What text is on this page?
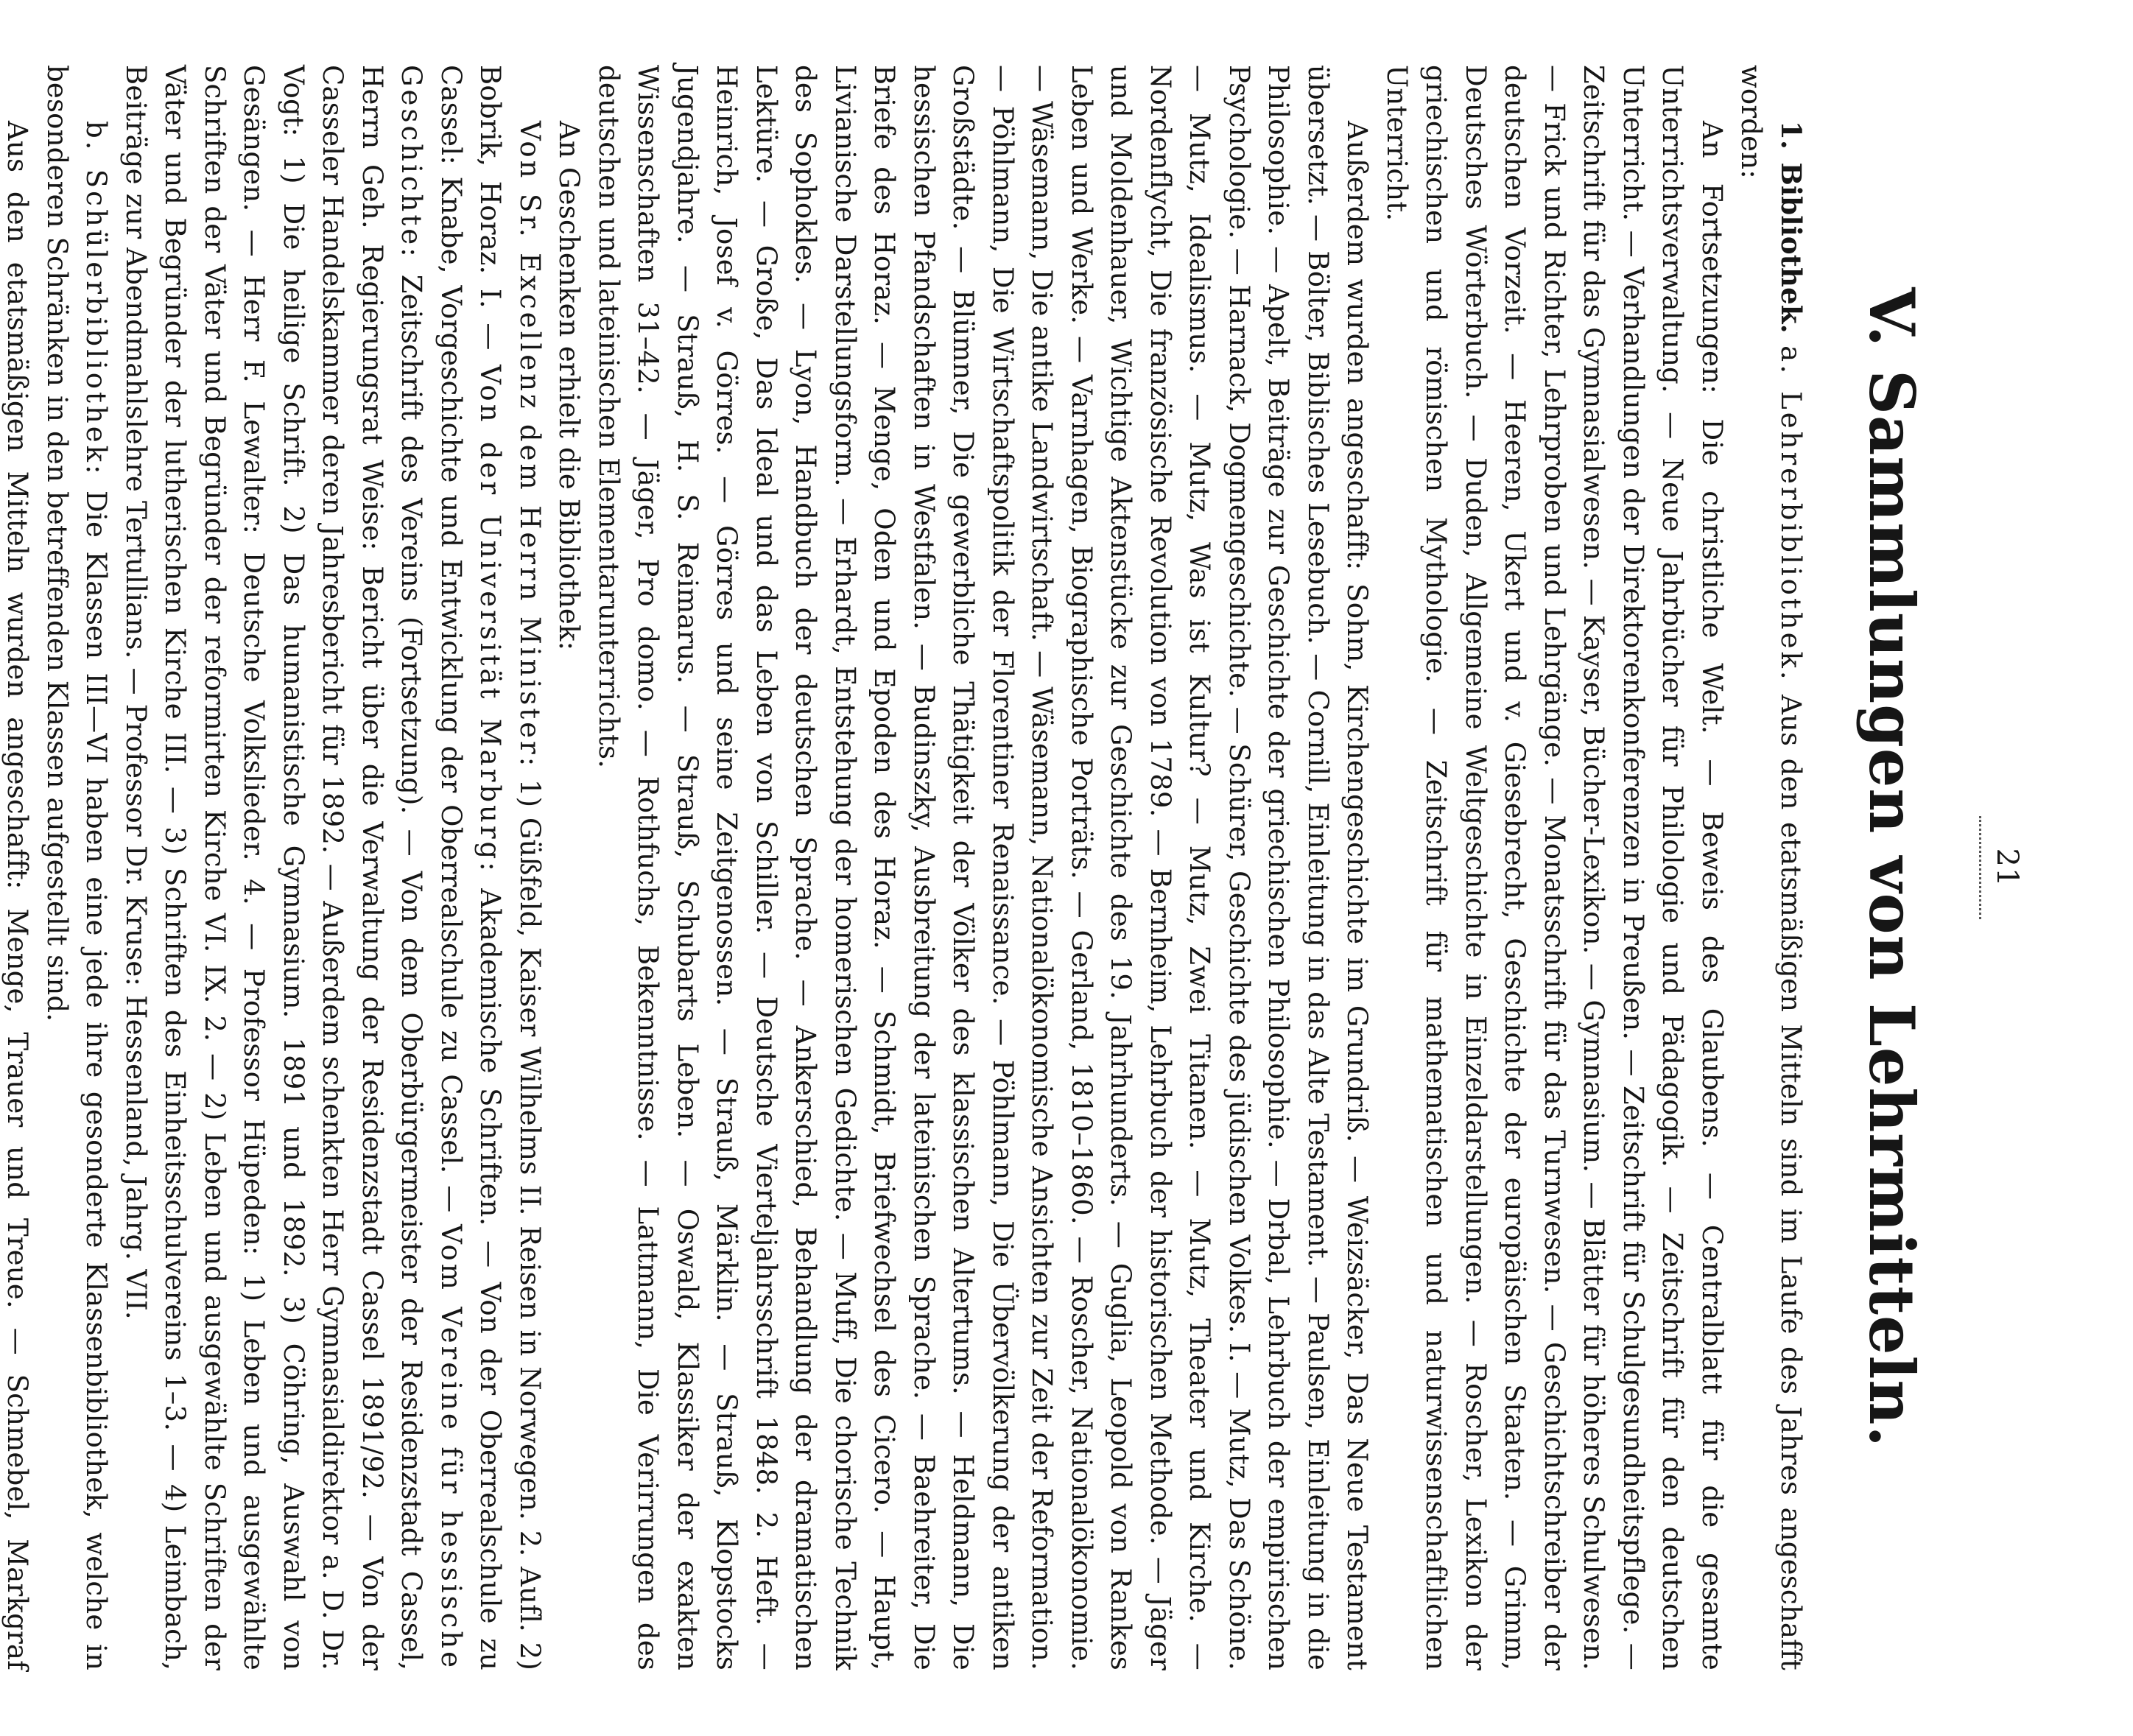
21
V. Sammlungen von Lehrmitteln.

1. Bibliothek. a. Lehrerbibliothek. Aus den etatsmäßigen Mitteln sind im Laufe des Jahres angeschafft worden:

An Fortsetzungen: Die christliche Welt. — Beweis des Glaubens. — Centralblatt für die gesamte Unterrichtsverwaltung. — Neue Jahrbücher für Philologie und Pädagogik. — Zeitschrift für den deutschen Unterricht. — Verhandlungen der Direktorenkonferenzen in Preußen. — Zeitschrift für Schulgesundheitspflege. — Zeitschrift für das Gymnasialwesen. — Kayser, Bücher-Lexikon. — Gymnasium. — Blätter für höheres Schulwesen. — Frick und Richter, Lehrproben und Lehrgänge. — Monatsschrift für das Turnwesen. — Geschichtschreiber der deutschen Vorzeit. — Heeren, Ukert und v. Giesebrecht, Geschichte der europäischen Staaten. — Grimm, Deutsches Wörterbuch. — Duden, Allgemeine Weltgeschichte in Einzeldarstellungen. — Roscher, Lexikon der griechischen und römischen Mythologie. — Zeitschrift für mathematischen und naturwissenschaftlichen Unterricht.

Außerdem wurden angeschafft: Sohm, Kirchengeschichte im Grundriß. — Weizsäcker, Das Neue Testament übersetzt. — Bölter, Biblisches Lesebuch. — Cornill, Einleitung in das Alte Testament. — Paulsen, Einleitung in die Philosophie. — Apelt, Beiträge zur Geschichte der griechischen Philosophie. — Drbal, Lehrbuch der empirischen Psychologie. — Harnack, Dogmengeschichte. — Schürer, Geschichte des jüdischen Volkes. I. — Mutz, Das Schöne. — Mutz, Idealismus. — Mutz, Was ist Kultur? — Mutz, Zwei Titanen. — Mutz, Theater und Kirche. — Nordenflycht, Die französische Revolution von 1789. — Bernheim, Lehrbuch der historischen Methode. — Jäger und Moldenhauer, Wichtige Aktenstücke zur Geschichte des 19. Jahrhunderts. — Guglia, Leopold von Rankes Leben und Werke. — Varnhagen, Biographische Porträts. — Gerland, 1810–1860. — Roscher, Nationalökonomie. — Wäsemann, Die antike Landwirtschaft. — Wäsemann, Nationalökonomische Ansichten zur Zeit der Reformation. — Pöhlmann, Die Wirtschaftspolitik der Florentiner Renaissance. — Pöhlmann, Die Übervölkerung der antiken Großstädte. — Blümner, Die gewerbliche Thätigkeit der Völker des klassischen Altertums. — Heldmann, Die hessischen Pfandschaften in Westfalen. — Budinszky, Ausbreitung der lateinischen Sprache. — Baehreiter, Die Briefe des Horaz. — Menge, Oden und Epoden des Horaz. — Schmidt, Briefwechsel des Cicero. — Haupt, Livianische Darstellungsform. — Erhardt, Entstehung der homerischen Gedichte. — Muff, Die chorische Technik des Sophokles. — Lyon, Handbuch der deutschen Sprache. — Ankerschied, Behandlung der dramatischen Lektüre. — Große, Das Ideal und das Leben von Schiller. — Deutsche Vierteljahrsschrift 1848. 2. Heft. — Heinrich, Josef v. Görres. — Görres und seine Zeitgenossen. — Strauß, Märklin. — Strauß, Klopstocks Jugendjahre. — Strauß, H. S. Reimarus. — Strauß, Schubarts Leben. — Oswald, Klassiker der exakten Wissenschaften 31–42. — Jäger, Pro domo. — Rothfuchs, Bekenntnisse. — Lattmann, Die Verirrungen des deutschen und lateinischen Elementarunterrichts.

An Geschenken erhielt die Bibliothek:

Von Sr. Excellenz dem Herrn Minister: 1) Güßfeld, Kaiser Wilhelms II. Reisen in Norwegen. 2. Aufl. 2) Bobrik, Horaz. I. — Von der Universität Marburg: Akademische Schriften. — Von der Oberrealschule zu Cassel: Knabe, Vorgeschichte und Entwicklung der Oberrealschule zu Cassel. — Vom Vereine für hessische Geschichte: Zeitschrift des Vereins (Fortsetzung). — Von dem Oberbürgermeister der Residenzstadt Cassel, Herrn Geh. Regierungsrat Weise: Bericht über die Verwaltung der Residenzstadt Cassel 1891/92. — Von der Casseler Handelskammer deren Jahresbericht für 1892. — Außerdem schenkten Herr Gymnasialdirektor a. D. Dr. Vogt: 1) Die heilige Schrift. 2) Das humanistische Gymnasium. 1891 und 1892. 3) Cöhring, Auswahl von Gesängen. — Herr F. Lewalter: Deutsche Volkslieder. 4. — Professor Hüpeden: 1) Leben und ausgewählte Schriften der Väter und Begründer der reformirten Kirche VI. IX. 2. — 2) Leben und ausgewählte Schriften der Väter und Begründer der lutherischen Kirche III. — 3) Schriften des Einheitsschulvereins 1–3. — 4) Leimbach, Beiträge zur Abendmahlslehre Tertullians. — Professor Dr. Kruse: Hessenland, Jahrg. VII.

b. Schülerbibliothek: Die Klassen III—VI haben eine jede ihre gesonderte Klassenbibliothek, welche in besonderen Schränken in den betreffenden Klassen aufgestellt sind.

Aus den etatsmäßigen Mitteln wurden angeschafft: Menge, Trauer und Treue. — Schmebel, Markgraf
